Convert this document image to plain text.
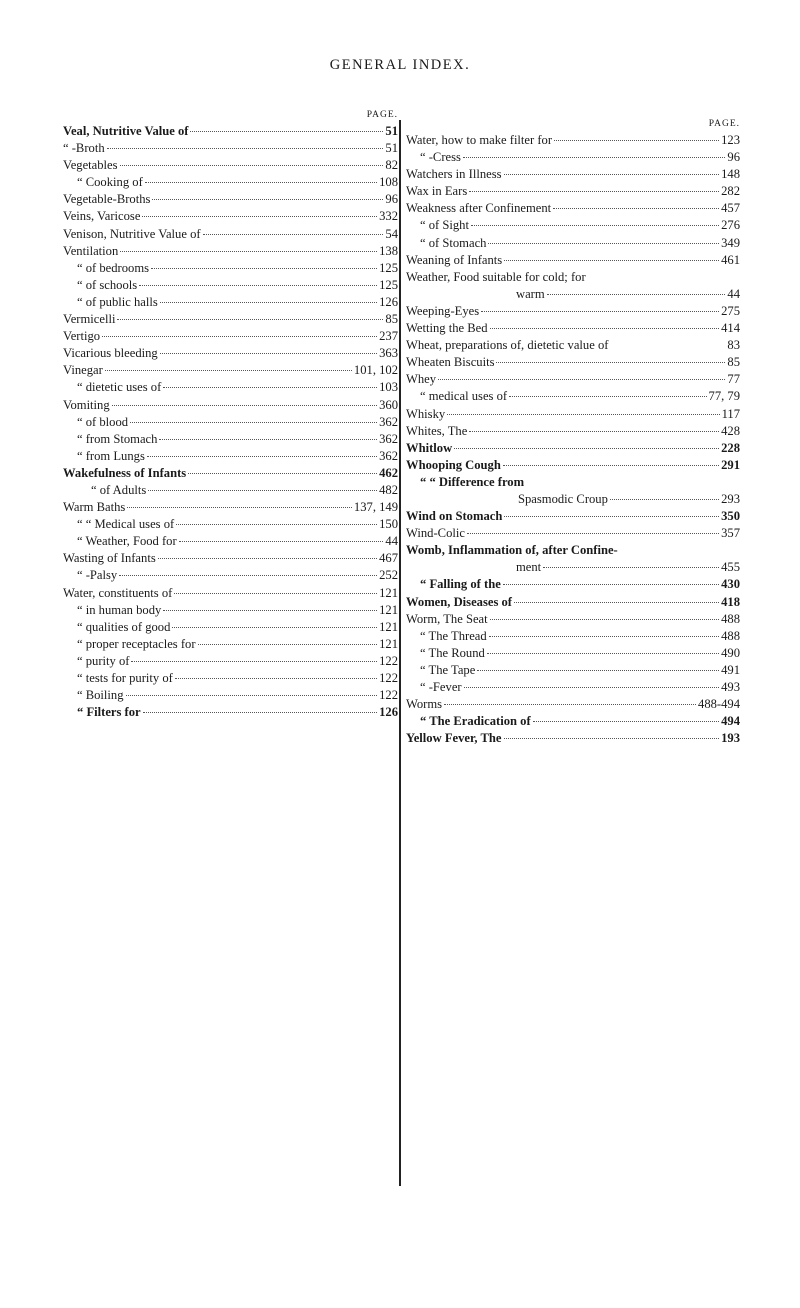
GENERAL INDEX.
PAGE.
Veal, Nutritive Value of	51
“ -Broth	51
Vegetables	82
“ Cooking of	108
Vegetable-Broths	96
Veins, Varicose	332
Venison, Nutritive Value of	54
Ventilation	138
“ of bedrooms	125
“ of schools	125
“ of public halls	126
Vermicelli	85
Vertigo	237
Vicarious bleeding	363
Vinegar	101, 102
“ dietetic uses of	103
Vomiting	360
“ of blood	362
“ from Stomach	362
“ from Lungs	362
Wakefulness of Infants	462
“ of Adults	482
Warm Baths	137, 149
“ “ Medical uses of	150
“ Weather, Food for	44
Wasting of Infants	467
“ -Palsy	252
Water, constituents of	121
“ in human body	121
“ qualities of good	121
“ proper receptacles for	121
“ purity of	122
“ tests for purity of	122
“ Boiling	122
“ Filters for	126
PAGE.
Water, how to make filter for	123
“ -Cress	96
Watchers in Illness	148
Wax in Ears	282
Weakness after Confinement	457
“ of Sight	276
“ of Stomach	349
Weaning of Infants	461
Weather, Food suitable for cold; for
warm	44
Weeping-Eyes	275
Wetting the Bed	414
Wheat, preparations of, dietetic value of	83
Wheaten Biscuits	85
Whey	77
“ medical uses of	77, 79
Whisky	117
Whites, The	428
Whitlow	228
Whooping Cough	291
“ “ Difference from
Spasmodic Croup	293
Wind on Stomach	350
Wind-Colic	357
Womb, Inflammation of, after Confine-
ment	455
“ Falling of the	430
Women, Diseases of	418
Worm, The Seat	488
“ The Thread	488
“ The Round	490
“ The Tape	491
“ -Fever	493
Worms	488-494
“ The Eradication of	494
Yellow Fever, The	193
